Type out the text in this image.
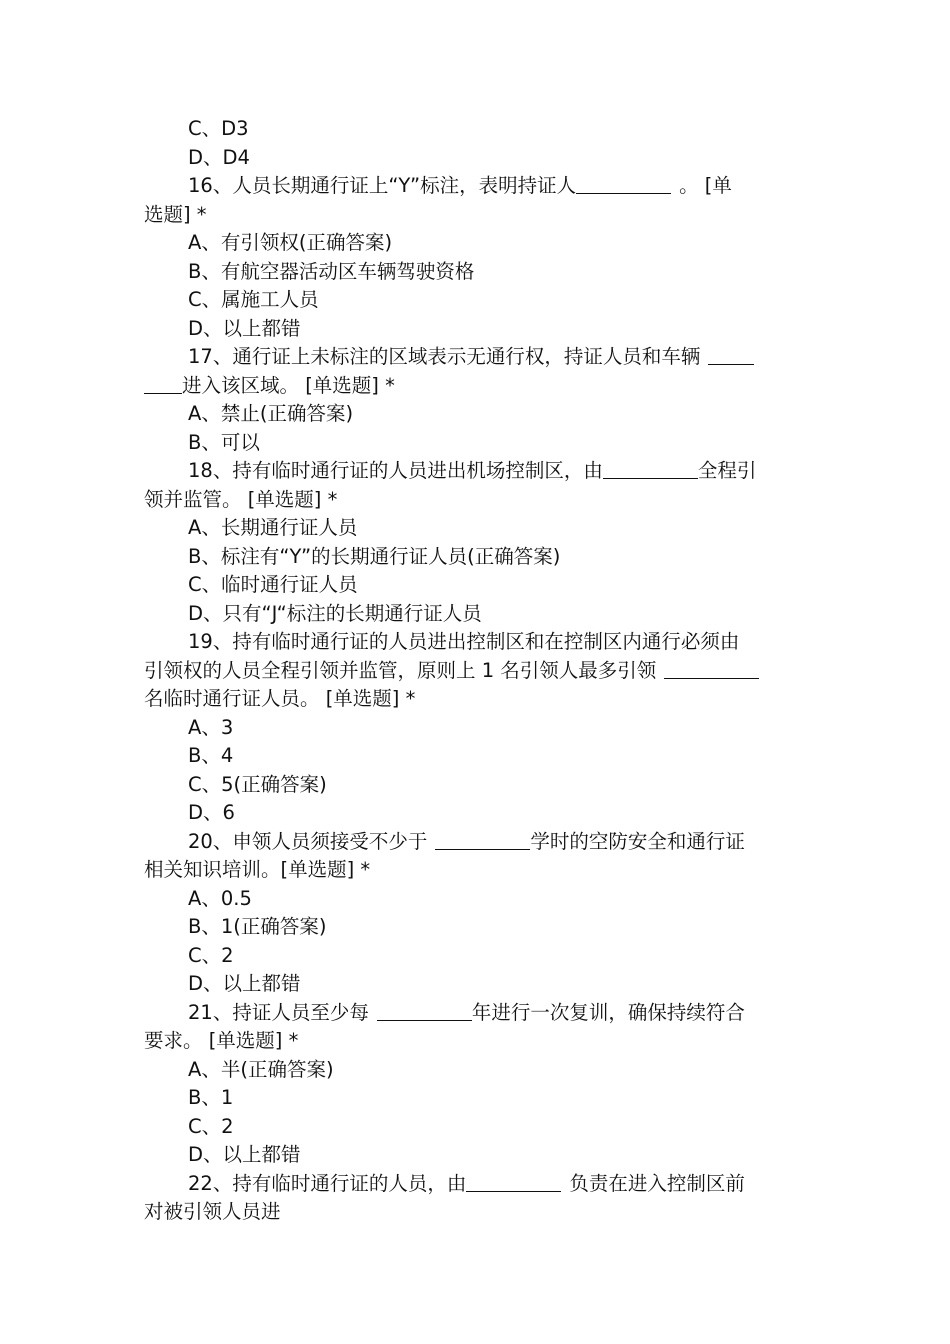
C、D3
D、D4
16、人员长期通行证上“Y”标注，表明持证人	。 [单
选题] *
A、有引领权(正确答案)
B、有航空器活动区车辆驾驶资格
C、属施工人员
D、以上都错
17、通行证上未标注的区域表示无通行权，持证人员和车辆
进入该区域。 [单选题] *
A、禁止(正确答案)
B、可以
18、持有临时通行证的人员进出机场控制区，由	全程引
领并监管。 [单选题] *
A、长期通行证人员
B、标注有“Y”的长期通行证人员(正确答案)
C、临时通行证人员
D、只有“J“标注的长期通行证人员
19、持有临时通行证的人员进出控制区和在控制区内通行必须由
引领权的人员全程引领并监管，原则上 1 名引领人最多引领
名临时通行证人员。 [单选题] *
A、3
B、4
C、5(正确答案)
D、6
20、申领人员须接受不少于	学时的空防安全和通行证
相关知识培训。[单选题] *
A、0.5
B、1(正确答案)
C、2
D、以上都错
21、持证人员至少每	年进行一次复训，确保持续符合
要求。 [单选题] *
A、半(正确答案)
B、1
C、2
D、以上都错
22、持有临时通行证的人员，由	负责在进入控制区前
对被引领人员进
